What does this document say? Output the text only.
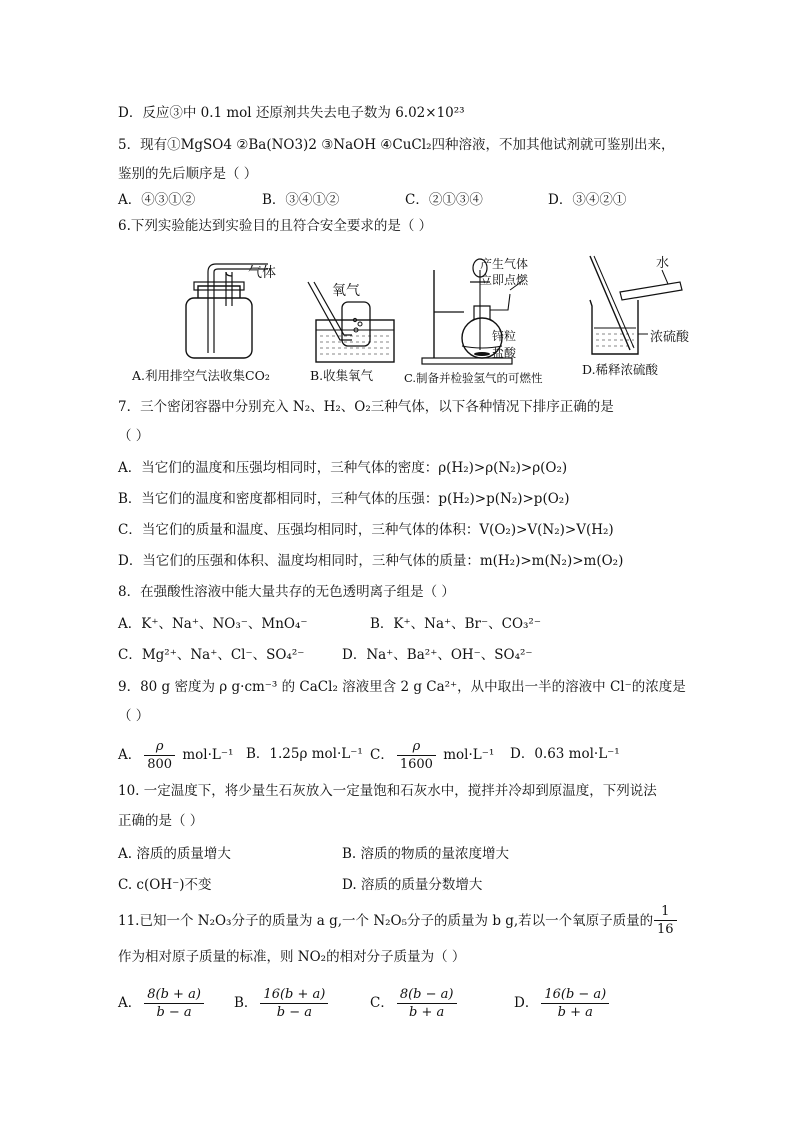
D．反应③中 0.1 mol 还原剂共失去电子数为 6.02×10²³
5．现有①MgSO4 ②Ba(NO3)2 ③NaOH ④CuCl₂四种溶液，不加其他试剂就可鉴别出来，
鉴别的先后顺序是（ ）
A．④③①②	B．③④①②	C．②①③④	D．③④②①
6.下列实验能达到实验目的且符合安全要求的是（ ）
气体
A.利用排空气法收集CO₂
氧气
B.收集氧气
产生气体
立即点燃
锌粒
盐酸
C.制备并检验氢气的可燃性
水
浓硫酸
D.稀释浓硫酸
7．三个密闭容器中分别充入 N₂、H₂、O₂三种气体，以下各种情况下排序正确的是
（ ）
A．当它们的温度和压强均相同时，三种气体的密度：ρ(H₂)>ρ(N₂)>ρ(O₂)
B．当它们的温度和密度都相同时，三种气体的压强：p(H₂)>p(N₂)>p(O₂)
C．当它们的质量和温度、压强均相同时，三种气体的体积：V(O₂)>V(N₂)>V(H₂)
D．当它们的压强和体积、温度均相同时，三种气体的质量：m(H₂)>m(N₂)>m(O₂)
8．在强酸性溶液中能大量共存的无色透明离子组是（ ）
A．K⁺、Na⁺、NO₃⁻、MnO₄⁻	B．K⁺、Na⁺、Br⁻、CO₃²⁻
C．Mg²⁺、Na⁺、Cl⁻、SO₄²⁻	D．Na⁺、Ba²⁺、OH⁻、SO₄²⁻
9．80 g 密度为 ρ g·cm⁻³ 的 CaCl₂ 溶液里含 2 g Ca²⁺，从中取出一半的溶液中 Cl⁻的浓度是
（ ）
A． $\frac{\rho}{800} mol\cdot L^{-1}$ B．1.25ρ mol·L⁻¹ C． $\frac{\rho}{1600} mol\cdot L^{-1}$ D．0.63 mol·L⁻¹
10. 一定温度下，将少量生石灰放入一定量饱和石灰水中，搅拌并冷却到原温度，下列说法
正确的是（ ）
A. 溶质的质量增大	B. 溶质的物质的量浓度增大
C. c(OH⁻)不变	D. 溶质的质量分数增大
11.已知一个 N₂O₃分子的质量为 a g,一个 N₂O₅分子的质量为 b g,若以一个氧原子质量的 $\frac{1}{16}$
作为相对原子质量的标准，则 NO₂的相对分子质量为（ ）
A． $\frac{8(b + a)}{b - a}$ B． $\frac{16(b + a)}{b - a}$	C． $\frac{8(b - a)}{b + a}$	D． $\frac{16(b - a)}{b + a}$
